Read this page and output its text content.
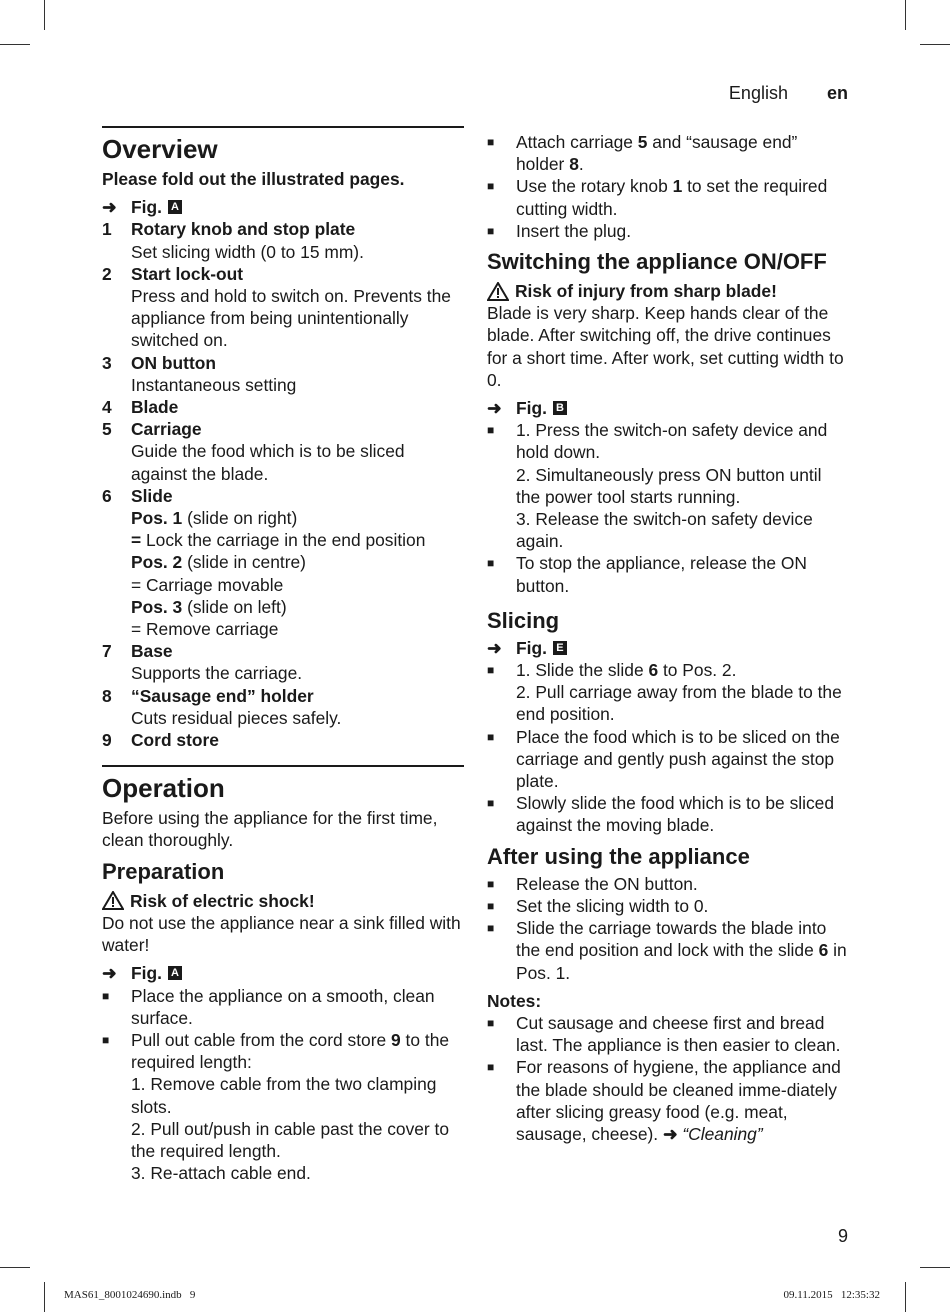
English en
Overview
Please fold out the illustrated pages.
➜ Fig. A
1	Rotary knob and stop plate
Set slicing width (0 to 15 mm).
2	Start lock-out
Press and hold to switch on. Prevents the appliance from being unintentionally switched on.
3	ON button
Instantaneous setting
4	Blade
5	Carriage
Guide the food which is to be sliced against the blade.
6	Slide
Pos. 1 (slide on right)
= Lock the carriage in the end position
Pos. 2 (slide in centre)
= Carriage movable
Pos. 3 (slide on left)
= Remove carriage
7	Base
Supports the carriage.
8	“Sausage end” holder
Cuts residual pieces safely.
9	Cord store
Operation

Before using the appliance for the first time, clean thoroughly.

Preparation
Risk of electric shock!

Do not use the appliance near a sink filled with water!

➜ Fig. A
■	Place the appliance on a smooth, clean surface.
■	Pull out cable from the cord store 9 to the required length:
1. Remove cable from the two clamping slots.
2. Pull out/push in cable past the cover to the required length.
3. Re-attach cable end.
■	Attach carriage 5 and “sausage end” holder 8.
■	Use the rotary knob 1 to set the required cutting width.
■	Insert the plug.
Switching the appliance ON/OFF
Risk of injury from sharp blade!

Blade is very sharp. Keep hands clear of the blade. After switching off, the drive continues for a short time. After work, set cutting width to 0.

➜ Fig. B
■	1. Press the switch-on safety device and hold down.
2. Simultaneously press ON button until the power tool starts running.
3. Release the switch-on safety device again.
■	To stop the appliance, release the ON button.
Slicing
➜ Fig. E
■	1. Slide the slide 6 to Pos. 2.
2. Pull carriage away from the blade to the end position.
■	Place the food which is to be sliced on the carriage and gently push against the stop plate.
■	Slowly slide the food which is to be sliced against the moving blade.
After using the appliance
■	Release the ON button.
■	Set the slicing width to 0.
■	Slide the carriage towards the blade into the end position and lock with the slide 6 in Pos. 1.
Notes:
■	Cut sausage and cheese first and bread last. The appliance is then easier to clean.
■	For reasons of hygiene, the appliance and the blade should be cleaned imme-diately after slicing greasy food (e.g. meat, sausage, cheese). ➜ “Cleaning”
9
MAS61_8001024690.indb   9	09.11.2015   12:35:32
